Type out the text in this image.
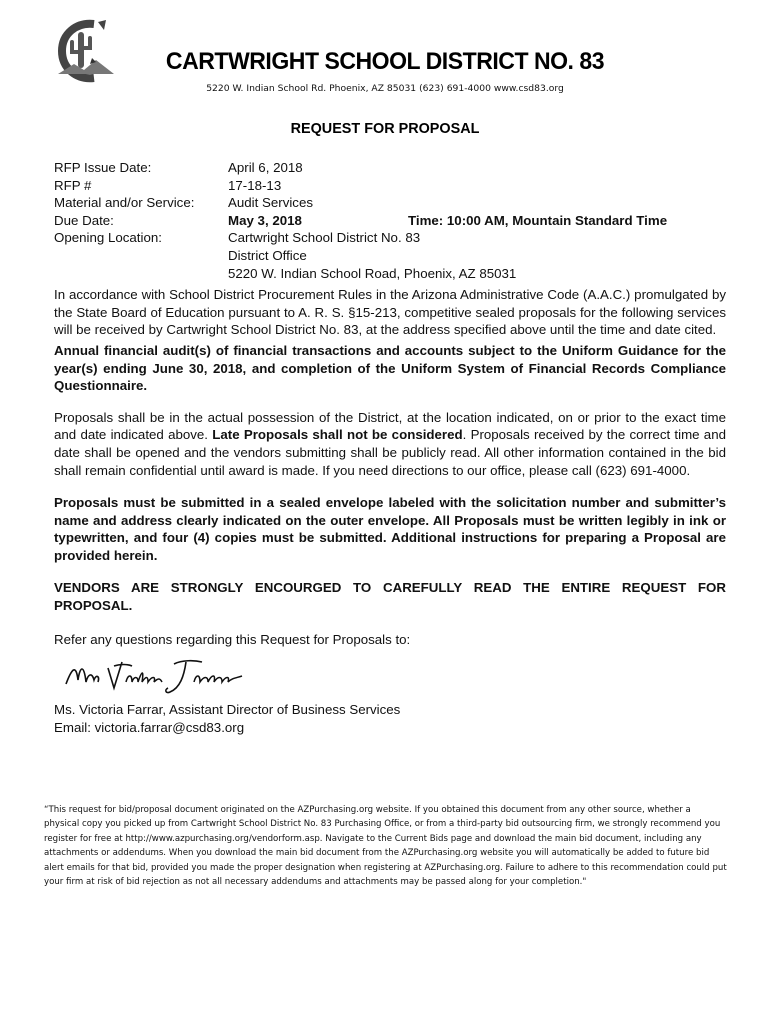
CARTWRIGHT SCHOOL DISTRICT NO. 83
5220 W. Indian School Rd. Phoenix, AZ 85031 (623) 691-4000 www.csd83.org
REQUEST FOR PROPOSAL
RFP Issue Date:	April 6, 2018
RFP #	17-18-13
Material and/or Service:	Audit Services
Due Date:	May 3, 2018	Time: 10:00 AM, Mountain Standard Time
Opening Location:	Cartwright School District No. 83
District Office
5220 W. Indian School Road, Phoenix, AZ 85031

In accordance with School District Procurement Rules in the Arizona Administrative Code (A.A.C.) promulgated by the State Board of Education pursuant to A. R. S. §15-213, competitive sealed proposals for the following services will be received by Cartwright School District No. 83, at the address specified above until the time and date cited.

Annual financial audit(s) of financial transactions and accounts subject to the Uniform Guidance for the year(s) ending June 30, 2018, and completion of the Uniform System of Financial Records Compliance Questionnaire.

Proposals shall be in the actual possession of the District, at the location indicated, on or prior to the exact time and date indicated above. Late Proposals shall not be considered. Proposals received by the correct time and date shall be opened and the vendors submitting shall be publicly read. All other information contained in the bid shall remain confidential until award is made. If you need directions to our office, please call (623) 691-4000.

Proposals must be submitted in a sealed envelope labeled with the solicitation number and submitter’s name and address clearly indicated on the outer envelope. All Proposals must be written legibly in ink or typewritten, and four (4) copies must be submitted. Additional instructions for preparing a Proposal are provided herein.

VENDORS ARE STRONGLY ENCOURGED TO CAREFULLY READ THE ENTIRE REQUEST FOR PROPOSAL.

Refer any questions regarding this Request for Proposals to:

Ms. Victoria Farrar, Assistant Director of Business Services
Email: victoria.farrar@csd83.org
“This request for bid/proposal document originated on the AZPurchasing.org website. If you obtained this document from any other source, whether a physical copy you picked up from Cartwright School District No. 83 Purchasing Office, or from a third-party bid outsourcing firm, we strongly recommend you register for free at http://www.azpurchasing.org/vendorform.asp. Navigate to the Current Bids page and download the main bid document, including any attachments or addendums. When you download the main bid document from the AZPurchasing.org website you will automatically be added to future bid alert emails for that bid, provided you made the proper designation when registering at AZPurchasing.org. Failure to adhere to this recommendation could put your firm at risk of bid rejection as not all necessary addendums and attachments may be passed along for your completion."
